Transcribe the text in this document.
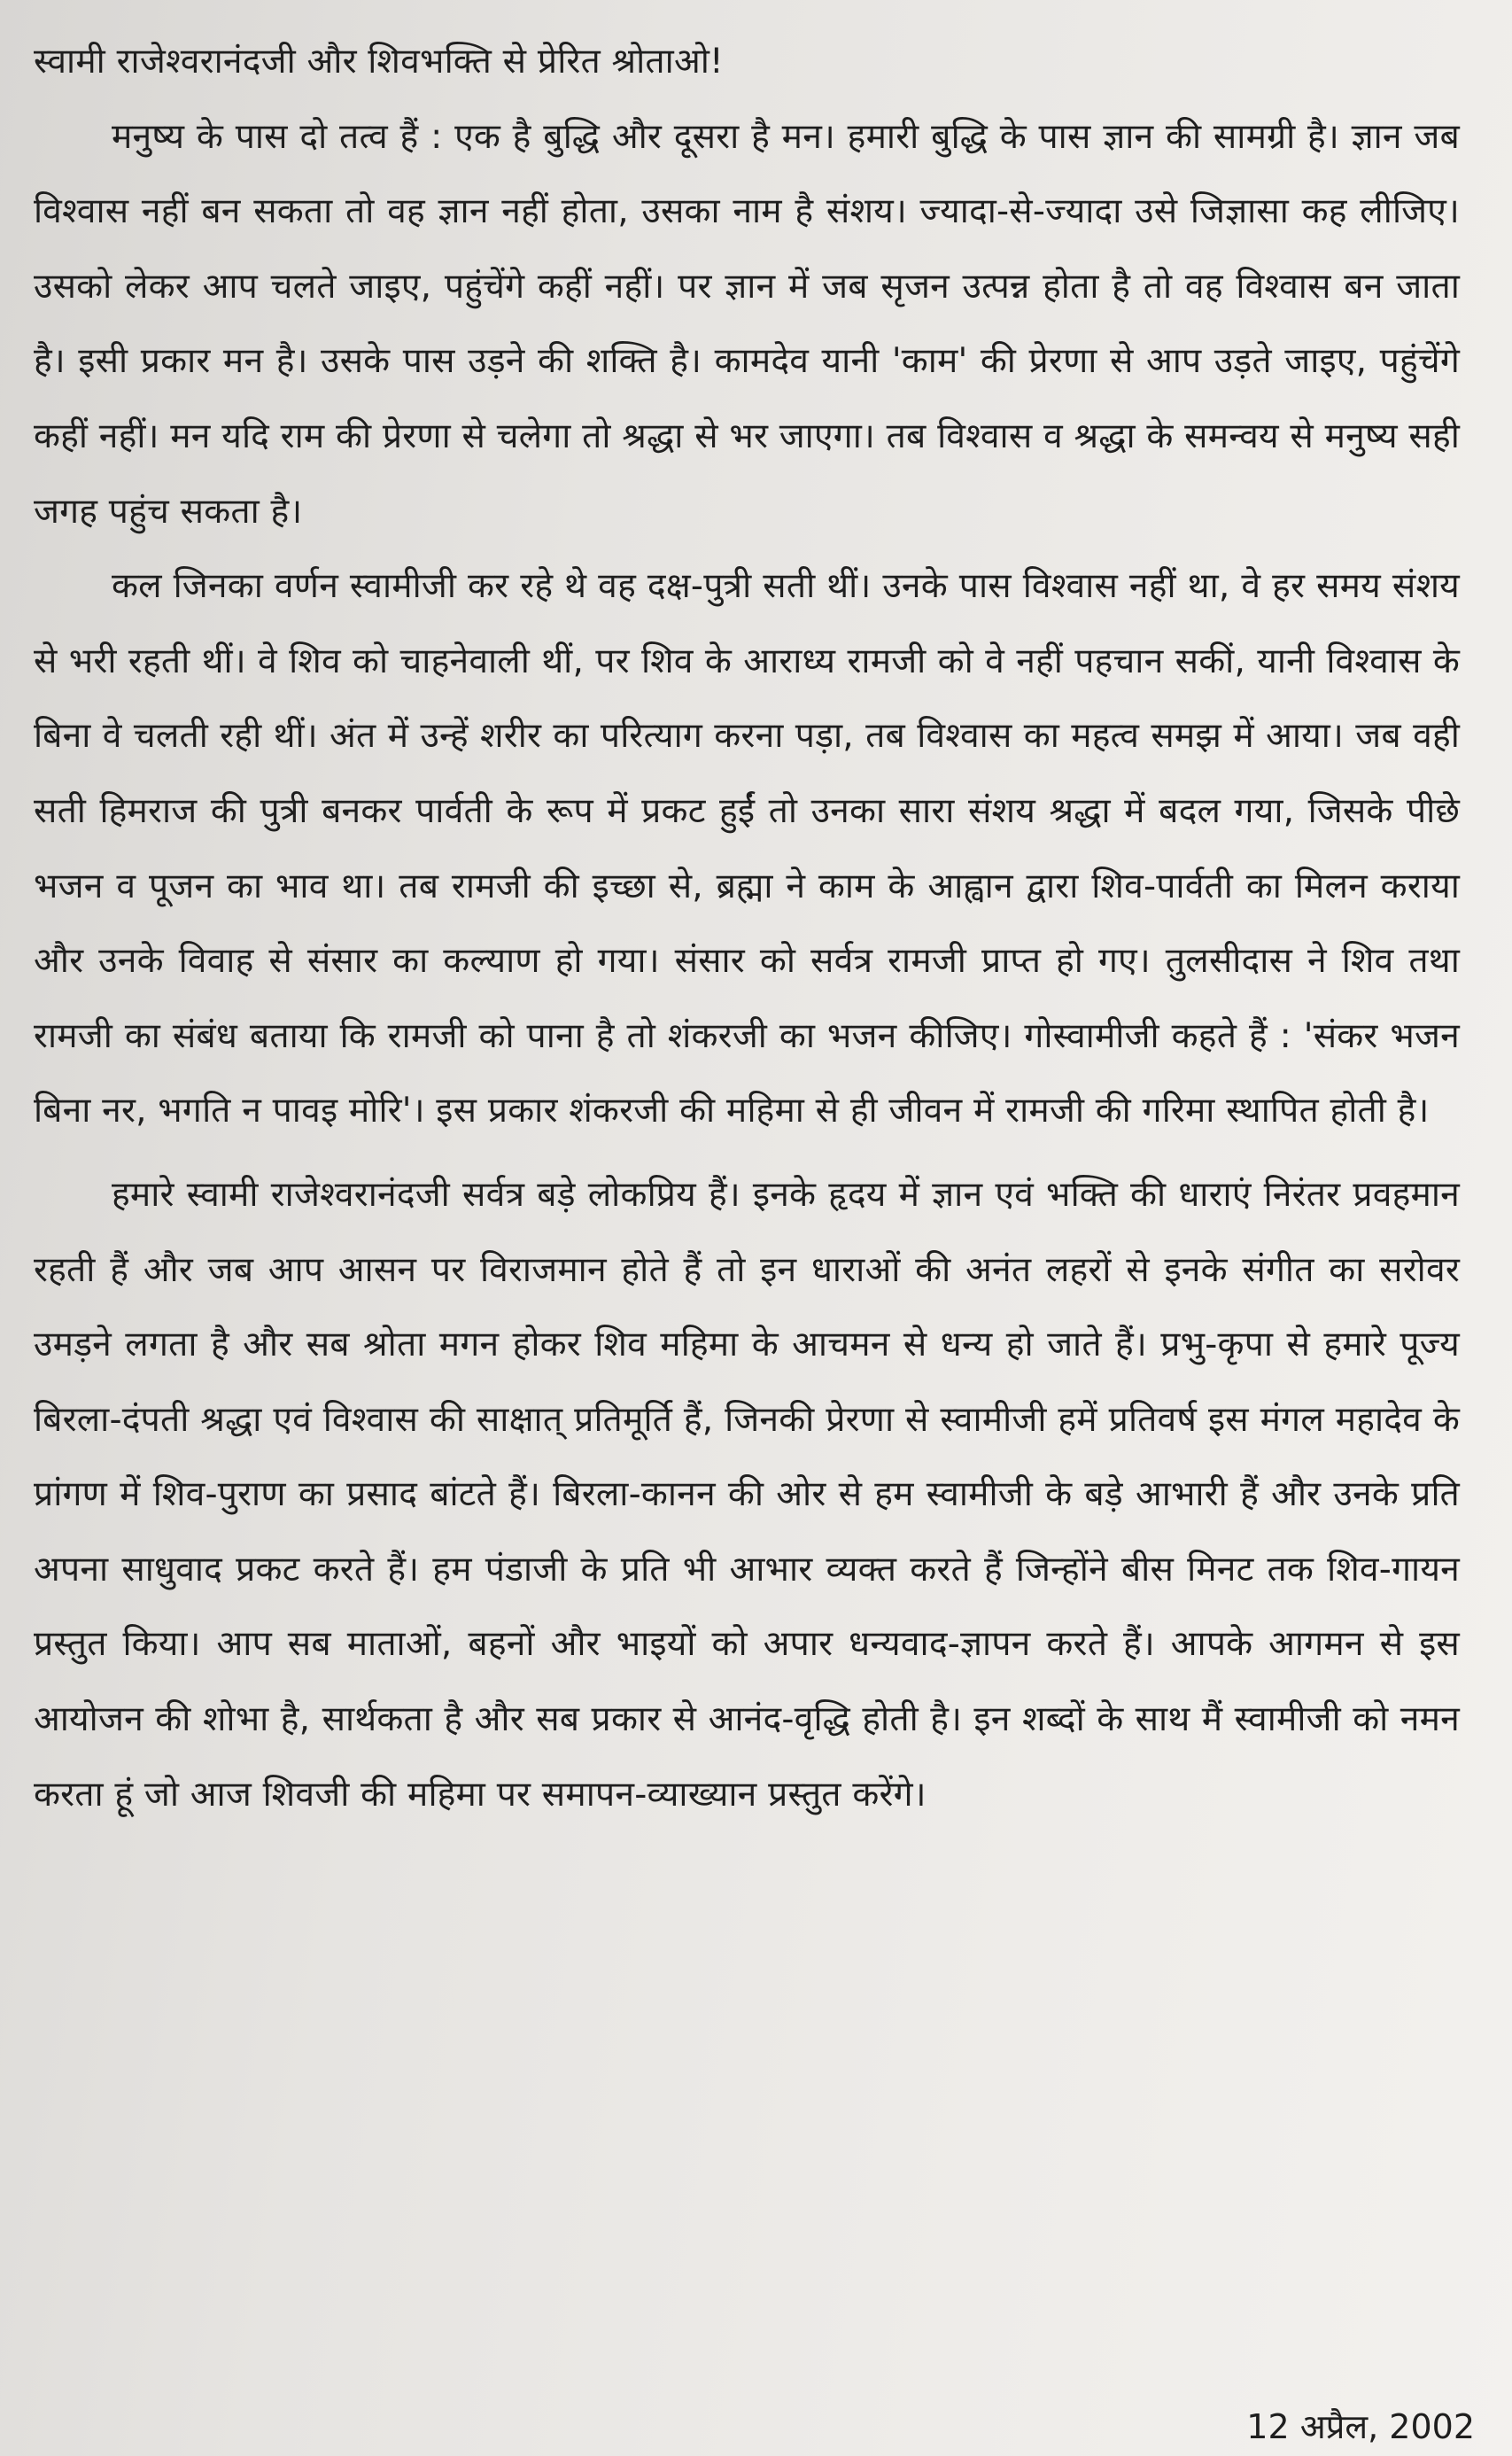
स्वामी राजेश्वरानंदजी और शिवभक्ति से प्रेरित श्रोताओ!

मनुष्य के पास दो तत्व हैं : एक है बुद्धि और दूसरा है मन। हमारी बुद्धि के पास ज्ञान की सामग्री है। ज्ञान जब विश्वास नहीं बन सकता तो वह ज्ञान नहीं होता, उसका नाम है संशय। ज्यादा-से-ज्यादा उसे जिज्ञासा कह लीजिए। उसको लेकर आप चलते जाइए, पहुंचेंगे कहीं नहीं। पर ज्ञान में जब सृजन उत्पन्न होता है तो वह विश्वास बन जाता है। इसी प्रकार मन है। उसके पास उड़ने की शक्ति है। कामदेव यानी 'काम' की प्रेरणा से आप उड़ते जाइए, पहुंचेंगे कहीं नहीं। मन यदि राम की प्रेरणा से चलेगा तो श्रद्धा से भर जाएगा। तब विश्वास व श्रद्धा के समन्वय से मनुष्य सही जगह पहुंच सकता है।

कल जिनका वर्णन स्वामीजी कर रहे थे वह दक्ष-पुत्री सती थीं। उनके पास विश्वास नहीं था, वे हर समय संशय से भरी रहती थीं। वे शिव को चाहनेवाली थीं, पर शिव के आराध्य रामजी को वे नहीं पहचान सकीं, यानी विश्वास के बिना वे चलती रही थीं। अंत में उन्हें शरीर का परित्याग करना पड़ा, तब विश्वास का महत्व समझ में आया। जब वही सती हिमराज की पुत्री बनकर पार्वती के रूप में प्रकट हुईं तो उनका सारा संशय श्रद्धा में बदल गया, जिसके पीछे भजन व पूजन का भाव था। तब रामजी की इच्छा से, ब्रह्मा ने काम के आह्वान द्वारा शिव-पार्वती का मिलन कराया और उनके विवाह से संसार का कल्याण हो गया। संसार को सर्वत्र रामजी प्राप्त हो गए। तुलसीदास ने शिव तथा रामजी का संबंध बताया कि रामजी को पाना है तो शंकरजी का भजन कीजिए। गोस्वामीजी कहते हैं : 'संकर भजन बिना नर, भगति न पावइ मोरि'। इस प्रकार शंकरजी की महिमा से ही जीवन में रामजी की गरिमा स्थापित होती है।

हमारे स्वामी राजेश्वरानंदजी सर्वत्र बड़े लोकप्रिय हैं। इनके हृदय में ज्ञान एवं भक्ति की धाराएं निरंतर प्रवहमान रहती हैं और जब आप आसन पर विराजमान होते हैं तो इन धाराओं की अनंत लहरों से इनके संगीत का सरोवर उमड़ने लगता है और सब श्रोता मगन होकर शिव महिमा के आचमन से धन्य हो जाते हैं। प्रभु-कृपा से हमारे पूज्य बिरला-दंपती श्रद्धा एवं विश्वास की साक्षात् प्रतिमूर्ति हैं, जिनकी प्रेरणा से स्वामीजी हमें प्रतिवर्ष इस मंगल महादेव के प्रांगण में शिव-पुराण का प्रसाद बांटते हैं। बिरला-कानन की ओर से हम स्वामीजी के बड़े आभारी हैं और उनके प्रति अपना साधुवाद प्रकट करते हैं। हम पंडाजी के प्रति भी आभार व्यक्त करते हैं जिन्होंने बीस मिनट तक शिव-गायन प्रस्तुत किया। आप सब माताओं, बहनों और भाइयों को अपार धन्यवाद-ज्ञापन करते हैं। आपके आगमन से इस आयोजन की शोभा है, सार्थकता है और सब प्रकार से आनंद-वृद्धि होती है। इन शब्दों के साथ मैं स्वामीजी को नमन करता हूं जो आज शिवजी की महिमा पर समापन-व्याख्यान प्रस्तुत करेंगे।

12 अप्रैल, 2002
